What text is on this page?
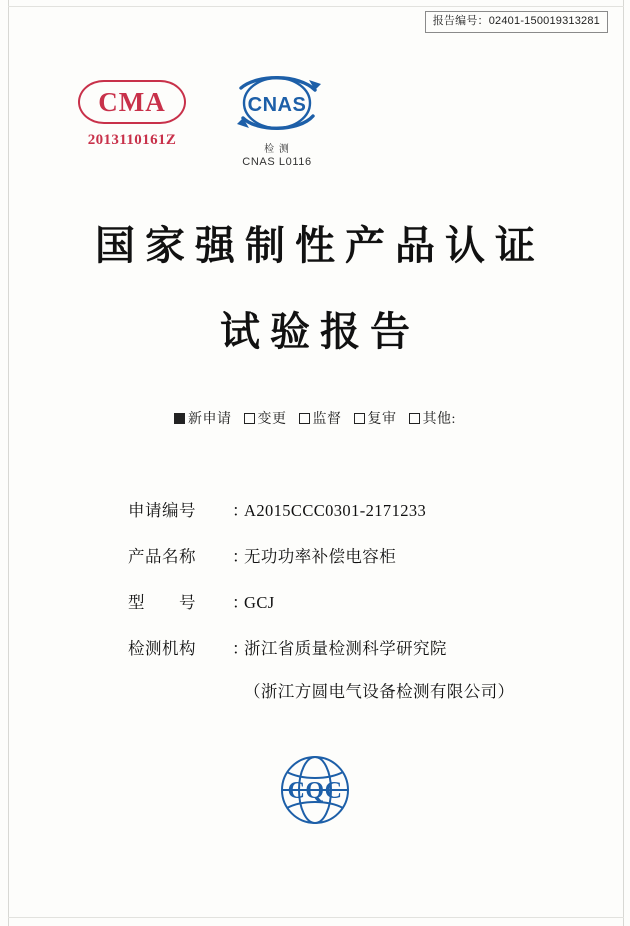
报告编号：02401-150019313281
CMA
2013110161Z
CNAS
检 测
CNAS L0116
国家强制性产品认证
试验报告
新申请 变更 监督 复审 其他:
申请编号	：
A2015CCC0301-2171233
产品名称	：
无功功率补偿电容柜
型　　号	：
GCJ
检测机构	：
浙江省质量检测科学研究院
（浙江方圆电气设备检测有限公司）
CQC
